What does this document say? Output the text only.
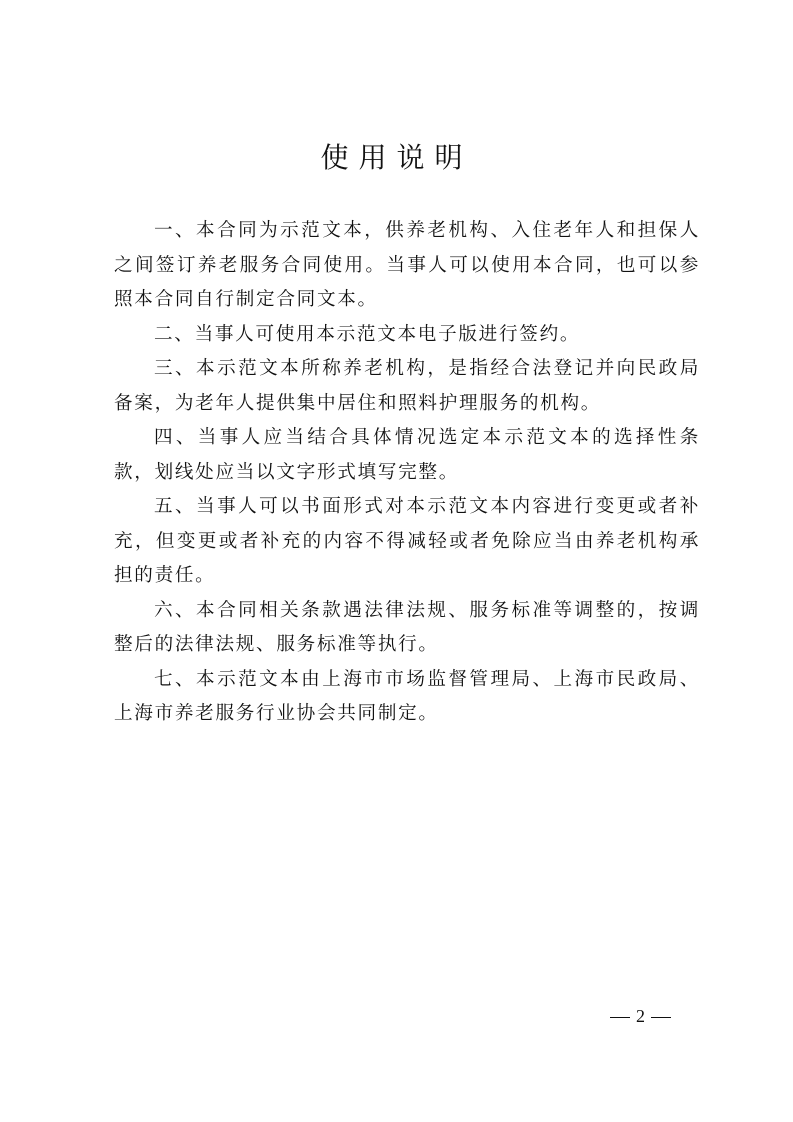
使用说明

一、本合同为示范文本，供养老机构、入住老年人和担保人之间签订养老服务合同使用。当事人可以使用本合同，也可以参照本合同自行制定合同文本。

二、当事人可使用本示范文本电子版进行签约。

三、本示范文本所称养老机构，是指经合法登记并向民政局备案，为老年人提供集中居住和照料护理服务的机构。

四、当事人应当结合具体情况选定本示范文本的选择性条款，划线处应当以文字形式填写完整。

五、当事人可以书面形式对本示范文本内容进行变更或者补充，但变更或者补充的内容不得减轻或者免除应当由养老机构承担的责任。

六、本合同相关条款遇法律法规、服务标准等调整的，按调整后的法律法规、服务标准等执行。

七、本示范文本由上海市市场监督管理局、上海市民政局、上海市养老服务行业协会共同制定。

2
